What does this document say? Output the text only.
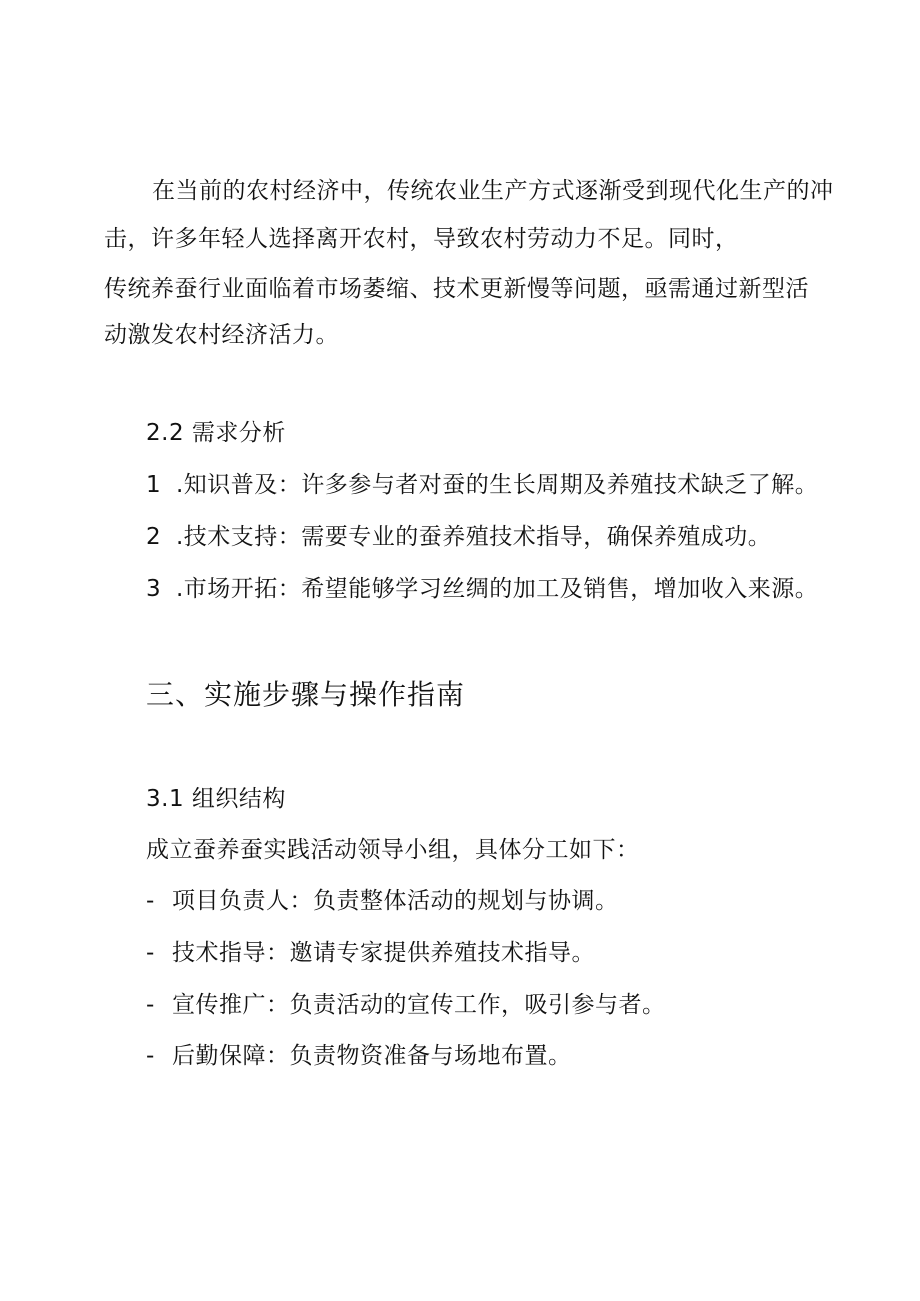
在当前的农村经济中，传统农业生产方式逐渐受到现代化生产的冲
击，许多年轻人选择离开农村，导致农村劳动力不足。同时，
传统养蚕行业面临着市场萎缩、技术更新慢等问题，亟需通过新型活
动激发农村经济活力。
2.2 需求分析
1 .知识普及：许多参与者对蚕的生长周期及养殖技术缺乏了解。
2 .技术支持：需要专业的蚕养殖技术指导，确保养殖成功。
3 .市场开拓：希望能够学习丝绸的加工及销售，增加收入来源。
三、实施步骤与操作指南
3.1 组织结构
成立蚕养蚕实践活动领导小组，具体分工如下：
- 项目负责人：负责整体活动的规划与协调。
- 技术指导：邀请专家提供养殖技术指导。
- 宣传推广：负责活动的宣传工作，吸引参与者。
- 后勤保障：负责物资准备与场地布置。
